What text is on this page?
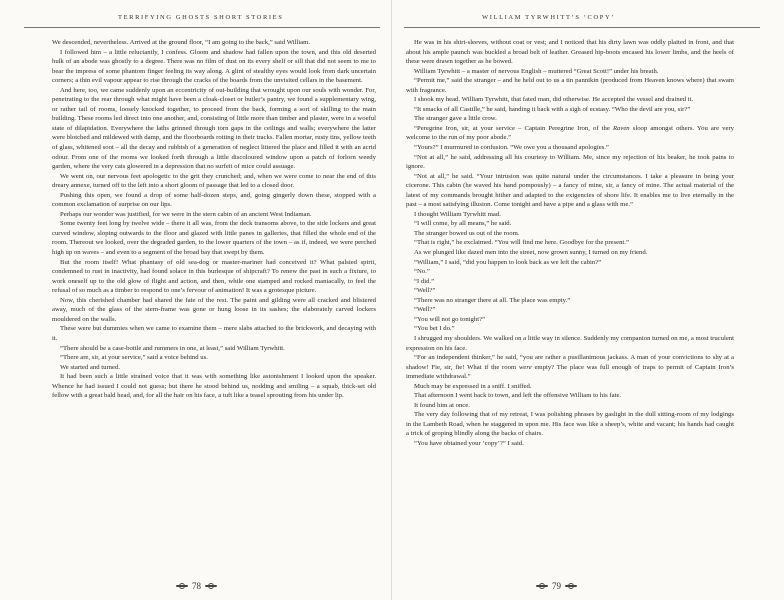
TERRIFYING GHOSTS SHORT STORIES

We descended, nevertheless. Arrived at the ground floor, “I am going to the back,” said William.

I followed him – a little reluctantly, I confess. Gloom and shadow had fallen upon the town, and this old deserted hulk of an abode was ghostly to a degree. There was no film of dust on its every shelf or sill that did not seem to me to bear the impress of some phantom finger feeling its way along. A glint of stealthy eyes would look from dark uncertain corners; a thin evil vapour appear to rise through the cracks of the boards from the unvisited cellars in the basement.

And here, too, we came suddenly upon an eccentricity of out-building that wrought upon our souls with wonder. For, penetrating to the rear through what might have been a cloak-closet or butler’s pantry, we found a supplementary wing, or rather tail of rooms, loosely knocked together, to proceed from the back, forming a sort of skilling to the main building. These rooms led direct into one another, and, consisting of little more than timber and plaster, were in a woeful state of dilapidation. Everywhere the laths grinned through torn gaps in the ceilings and walls; everywhere the latter were blotched and mildewed with damp, and the floorboards rotting in their tracks. Fallen mortar, rusty tins, yellow teeth of glass, whitened soot – all the decay and rubbish of a generation of neglect littered the place and filled it with an acrid odour. From one of the rooms we looked forth through a little discoloured window upon a patch of forlorn weedy garden, where the very cats glowered in a depression that no surfeit of mice could assuage.

We went on, our nervous feet apologetic to the grit they crunched; and, when we were come to near the end of this dreary annexe, turned off to the left into a short gloom of passage that led to a closed door.

Pushing this open, we found a drop of some half-dozen steps, and, going gingerly down these, stopped with a common exclamation of surprise on our lips.

Perhaps our wonder was justified, for we were in the stern cabin of an ancient West Indiaman.

Some twenty feet long by twelve wide – there it all was, from the deck transoms above, to the side lockers and great curved window, sloping outwards to the floor and glazed with little panes in galleries, that filled the whole end of the room. Thereout we looked, over the degraded garden, to the lower quarters of the town – as if, indeed, we were perched high up on waves – and even to a segment of the broad bay that swept by them.

But the room itself! What phantasy of old sea-dog or master-mariner had conceived it? What palsied spirit, condemned to rust in inactivity, had found solace in this burlesque of shipcraft? To renew the past in such a fixture, to work oneself up to the old glow of flight and action, and then, while one stamped and rocked maniacally, to feel the refusal of so much as a timber to respond to one’s fervour of animation! It was a grotesque picture.

Now, this cherished chamber had shared the fate of the rest. The paint and gilding were all cracked and blistered away, much of the glass of the stern-frame was gone or hung loose in its sashes; the elaborately carved lockers mouldered on the walls.

These were but dummies when we came to examine them – mere slabs attached to the brickwork, and decaying with it.

“There should be a case-bottle and rummers in one, at least,” said William Tyrwhitt.

“There are, sir, at your service,” said a voice behind us.

We started and turned.

It had been such a little strained voice that it was with something like astonishment I looked upon the speaker. Whence he had issued I could not guess; but there he stood behind us, nodding and smiling – a squab, thick-set old fellow with a great bald head, and, for all the hair on his face, a tuft like a teasel sprouting from his under lip.

78
WILLIAM TYRWHITT’S ‘COPY’

He was in his shirt-sleeves, without coat or vest; and I noticed that his dirty lawn was oddly plaited in front, and that about his ample paunch was buckled a broad belt of leather. Greased hip-boots encased his lower limbs, and the heels of these were drawn together as he bowed.

William Tyrwhitt – a master of nervous English – muttered “Great Scott!” under his breath.

“Permit me,” said the stranger – and he held out to us a tin pannikin (produced from Heaven knows where) that swam with fragrance.

I shook my head. William Tyrwhitt, that fated man, did otherwise. He accepted the vessel and drained it.

“It smacks of all Castille,” he said, handing it back with a sigh of ecstasy. “Who the devil are you, sir?”

The stranger gave a little crow.

“Peregrine Iron, sir, at your service – Captain Peregrine Iron, of the Raven sloop amongst others. You are very welcome to the run of my poor abode.”

“Yours?” I murmured in confusion. “We owe you a thousand apologies.”

“Not at all,” he said, addressing all his courtesy to William. Me, since my rejection of his beaker, he took pains to ignore.

“Not at all,” he said. “Your intrusion was quite natural under the circumstances. I take a pleasure in being your cicerone. This cabin (he waved his hand pompously) – a fancy of mine, sir, a fancy of mine. The actual material of the latest of my commands brought hither and adapted to the exigencies of shore life. It enables me to live eternally in the past – a most satisfying illusion. Come tonight and have a pipe and a glass with me.”

I thought William Tyrwhitt mad.

“I will come, by all means,” he said.

The stranger bowed us out of the room.

“That is right,” he exclaimed. “You will find me here. Goodbye for the present.”

As we plunged like dazed men into the street, now grown sunny, I turned on my friend.

“William,” I said, “did you happen to look back as we left the cabin?”

“No.”

“I did.”

“Well?”

“There was no stranger there at all. The place was empty.”

“Well?”

“You will not go tonight?”

“You bet I do.”

I shrugged my shoulders. We walked on a little way in silence. Suddenly my companion turned on me, a most truculent expression on his face.

“For an independent thinker,” he said, “you are rather a pusillanimous jackass. A man of your convictions to shy at a shadow! Fie, sir, fie! What if the room were empty? The place was full enough of traps to permit of Captain Iron’s immediate withdrawal.”

Much may be expressed in a sniff. I sniffed.

That afternoon I went back to town, and left the offensive William to his fate.

It found him at once.

The very day following that of my retreat, I was polishing phrases by gaslight in the dull sitting-room of my lodgings in the Lambeth Road, when he staggered in upon me. His face was like a sheep’s, white and vacant; his hands had caught a trick of groping blindly along the backs of chairs.

“You have obtained your ‘copy’?” I said.

79
